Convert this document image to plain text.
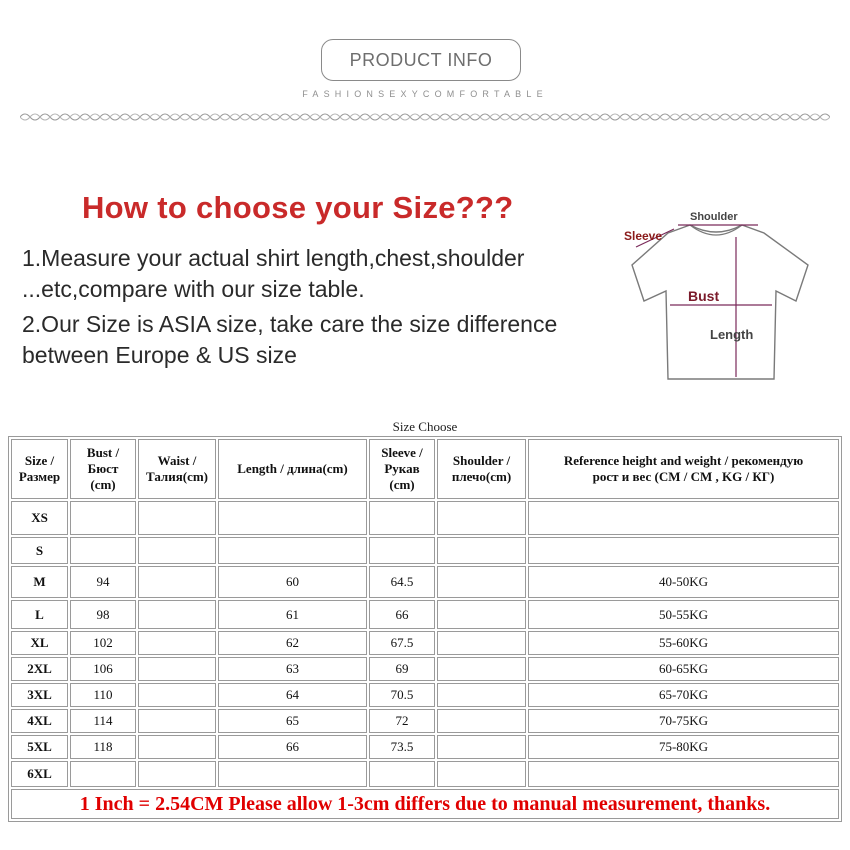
PRODUCT INFO
FASHIONSEXYCOMFORTABLE
How to choose your Size???
1.Measure your actual shirt length,chest,shoulder
...etc,compare with our size table.
2.Our Size is ASIA size, take care the size difference
between Europe & US size
Shoulder
Sleeve
Bust
Length
Size Choose
Size /
Размер	Bust /
Бюст
(cm)	Waist /
Талия(cm)	Length / длина(cm)	Sleeve /
Рукав
(cm)	Shoulder /
плечо(cm)	Reference height and weight / рекомендую
рост и вес (CM / CM , KG / КГ)
XS						
S						
M	94		60	64.5		40-50KG
L	98		61	66		50-55KG
XL	102		62	67.5		55-60KG
2XL	106		63	69		60-65KG
3XL	110		64	70.5		65-70KG
4XL	114		65	72		70-75KG
5XL	118		66	73.5		75-80KG
6XL						
1 Inch = 2.54CM Please allow 1-3cm differs due to manual measurement, thanks.						
